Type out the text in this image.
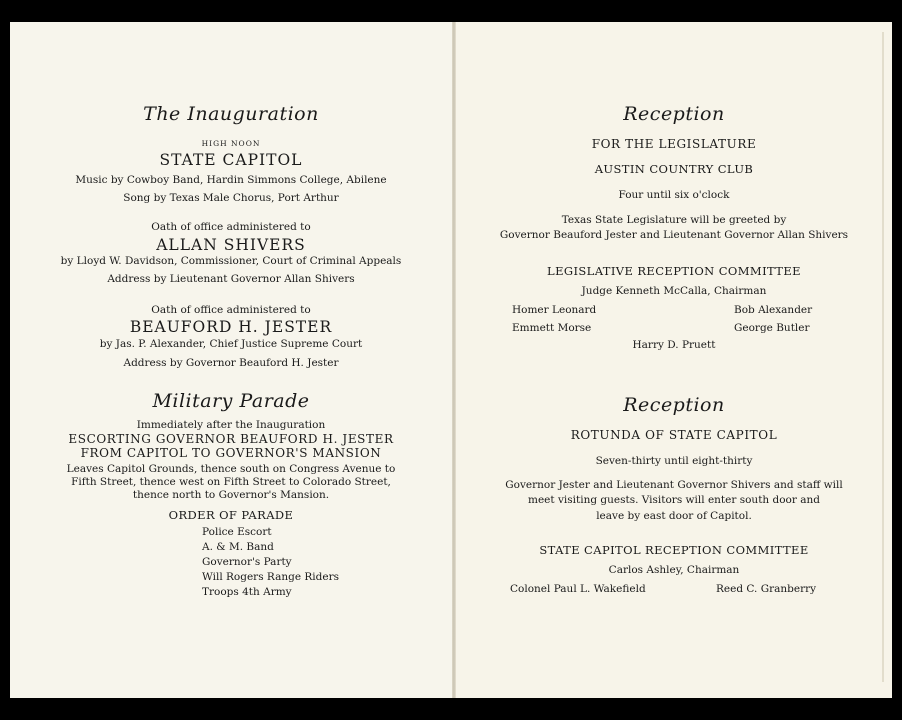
The Inauguration
HIGH NOON
STATE CAPITOL
Music by Cowboy Band, Hardin Simmons College, Abilene
Song by Texas Male Chorus, Port Arthur
Oath of office administered to
ALLAN SHIVERS
by Lloyd W. Davidson, Commissioner, Court of Criminal Appeals
Address by Lieutenant Governor Allan Shivers
Oath of office administered to
BEAUFORD H. JESTER
by Jas. P. Alexander, Chief Justice Supreme Court
Address by Governor Beauford H. Jester
Military Parade
Immediately after the Inauguration
ESCORTING GOVERNOR BEAUFORD H. JESTER
FROM CAPITOL TO GOVERNOR'S MANSION
Leaves Capitol Grounds, thence south on Congress Avenue to
Fifth Street, thence west on Fifth Street to Colorado Street,
thence north to Governor's Mansion.
ORDER OF PARADE
Police Escort
A. & M. Band
Governor's Party
Will Rogers Range Riders
Troops 4th Army
Reception
FOR THE LEGISLATURE
AUSTIN COUNTRY CLUB
Four until six o'clock
Texas State Legislature will be greeted by
Governor Beauford Jester and Lieutenant Governor Allan Shivers
LEGISLATIVE RECEPTION COMMITTEE
Judge Kenneth McCalla, Chairman
Homer Leonard	Bob Alexander
Emmett Morse	George Butler
Harry D. Pruett
Reception
ROTUNDA OF STATE CAPITOL
Seven-thirty until eight-thirty
Governor Jester and Lieutenant Governor Shivers and staff will
meet visiting guests. Visitors will enter south door and
leave by east door of Capitol.
STATE CAPITOL RECEPTION COMMITTEE
Carlos Ashley, Chairman
Colonel Paul L. Wakefield	Reed C. Granberry
